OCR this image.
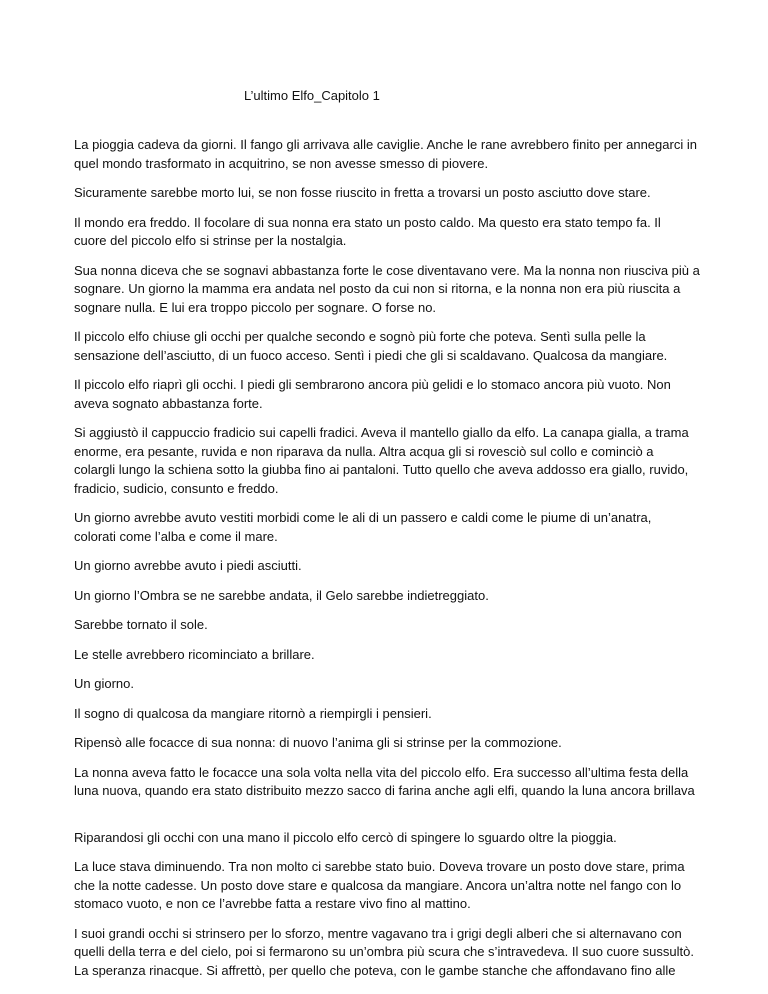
L’ultimo Elfo_Capitolo 1

La pioggia cadeva da giorni. Il fango gli arrivava alle caviglie. Anche le rane avrebbero finito per annegarci in
quel mondo trasformato in acquitrino, se non avesse smesso di piovere.

Sicuramente sarebbe morto lui, se non fosse riuscito in fretta a trovarsi un posto asciutto dove stare.

Il mondo era freddo. Il focolare di sua nonna era stato un posto caldo. Ma questo era stato tempo fa. Il
cuore del piccolo elfo si strinse per la nostalgia.

Sua nonna diceva che se sognavi abbastanza forte le cose diventavano vere. Ma la nonna non riusciva più a
sognare. Un giorno la mamma era andata nel posto da cui non si ritorna, e la nonna non era più riuscita a
sognare nulla. E lui era troppo piccolo per sognare. O forse no.

Il piccolo elfo chiuse gli occhi per qualche secondo e sognò più forte che poteva. Sentì sulla pelle la
sensazione dell’asciutto, di un fuoco acceso. Sentì i piedi che gli si scaldavano. Qualcosa da mangiare.

Il piccolo elfo riaprì gli occhi. I piedi gli sembrarono ancora più gelidi e lo stomaco ancora più vuoto. Non
aveva sognato abbastanza forte.

Si aggiustò il cappuccio fradicio sui capelli fradici. Aveva il mantello giallo da elfo. La canapa gialla, a trama
enorme, era pesante, ruvida e non riparava da nulla. Altra acqua gli si rovesciò sul collo e cominciò a
colargli lungo la schiena sotto la giubba fino ai pantaloni. Tutto quello che aveva addosso era giallo, ruvido,
fradicio, sudicio, consunto e freddo.

Un giorno avrebbe avuto vestiti morbidi come le ali di un passero e caldi come le piume di un’anatra,
colorati come l’alba e come il mare.

Un giorno avrebbe avuto i piedi asciutti.

Un giorno l’Ombra se ne sarebbe andata, il Gelo sarebbe indietreggiato.

Sarebbe tornato il sole.

Le stelle avrebbero ricominciato a brillare.

Un giorno.

Il sogno di qualcosa da mangiare ritornò a riempirgli i pensieri.

Ripensò alle focacce di sua nonna: di nuovo l’anima gli si strinse per la commozione.

La nonna aveva fatto le focacce una sola volta nella vita del piccolo elfo. Era successo all’ultima festa della
luna nuova, quando era stato distribuito mezzo sacco di farina anche agli elfi, quando la luna ancora brillava

Riparandosi gli occhi con una mano il piccolo elfo cercò di spingere lo sguardo oltre la pioggia.

La luce stava diminuendo. Tra non molto ci sarebbe stato buio. Doveva trovare un posto dove stare, prima
che la notte cadesse. Un posto dove stare e qualcosa da mangiare. Ancora un’altra notte nel fango con lo
stomaco vuoto, e non ce l’avrebbe fatta a restare vivo fino al mattino.

I suoi grandi occhi si strinsero per lo sforzo, mentre vagavano tra i grigi degli alberi che si alternavano con
quelli della terra e del cielo, poi si fermarono su un’ombra più scura che s’intravedeva. Il suo cuore sussultò.
La speranza rinacque. Si affrettò, per quello che poteva, con le gambe stanche che affondavano fino alle
